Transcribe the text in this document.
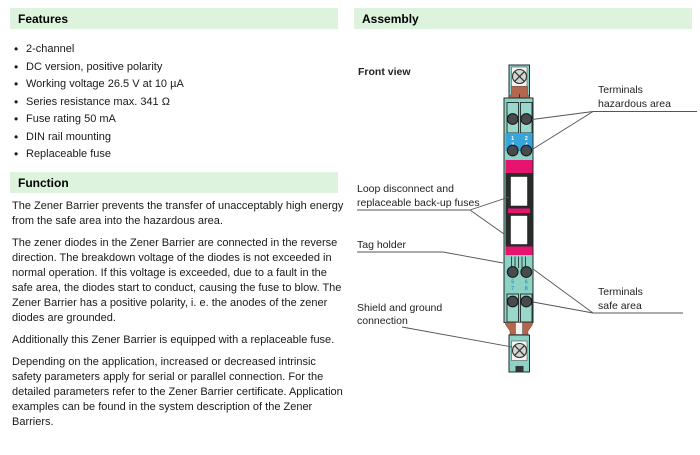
Features
• 2-channel
• DC version, positive polarity
• Working voltage 26.5 V at 10 µA
• Series resistance max. 341 Ω
• Fuse rating 50 mA
• DIN rail mounting
• Replaceable fuse
Function

The Zener Barrier prevents the transfer of unacceptably high energy from the safe area into the hazardous area.

The zener diodes in the Zener Barrier are connected in the reverse direction. The breakdown voltage of the diodes is not exceeded in normal operation. If this voltage is exceeded, due to a fault in the safe area, the diodes start to conduct, causing the fuse to blow. The Zener Barrier has a positive polarity, i. e. the anodes of the zener diodes are grounded.

Additionally this Zener Barrier is equipped with a replaceable fuse.

Depending on the application, increased or decreased intrinsic safety parameters apply for serial or parallel connection. For the detailed parameters refer to the Zener Barrier certificate. Application examples can be found in the system description of the Zener Barriers.

Assembly
Front view
1 2
5 6
7 8
Terminals
hazardous area
Loop disconnect and
replaceable back-up fuses
Tag holder
Terminals
safe area
Shield and ground
connection
